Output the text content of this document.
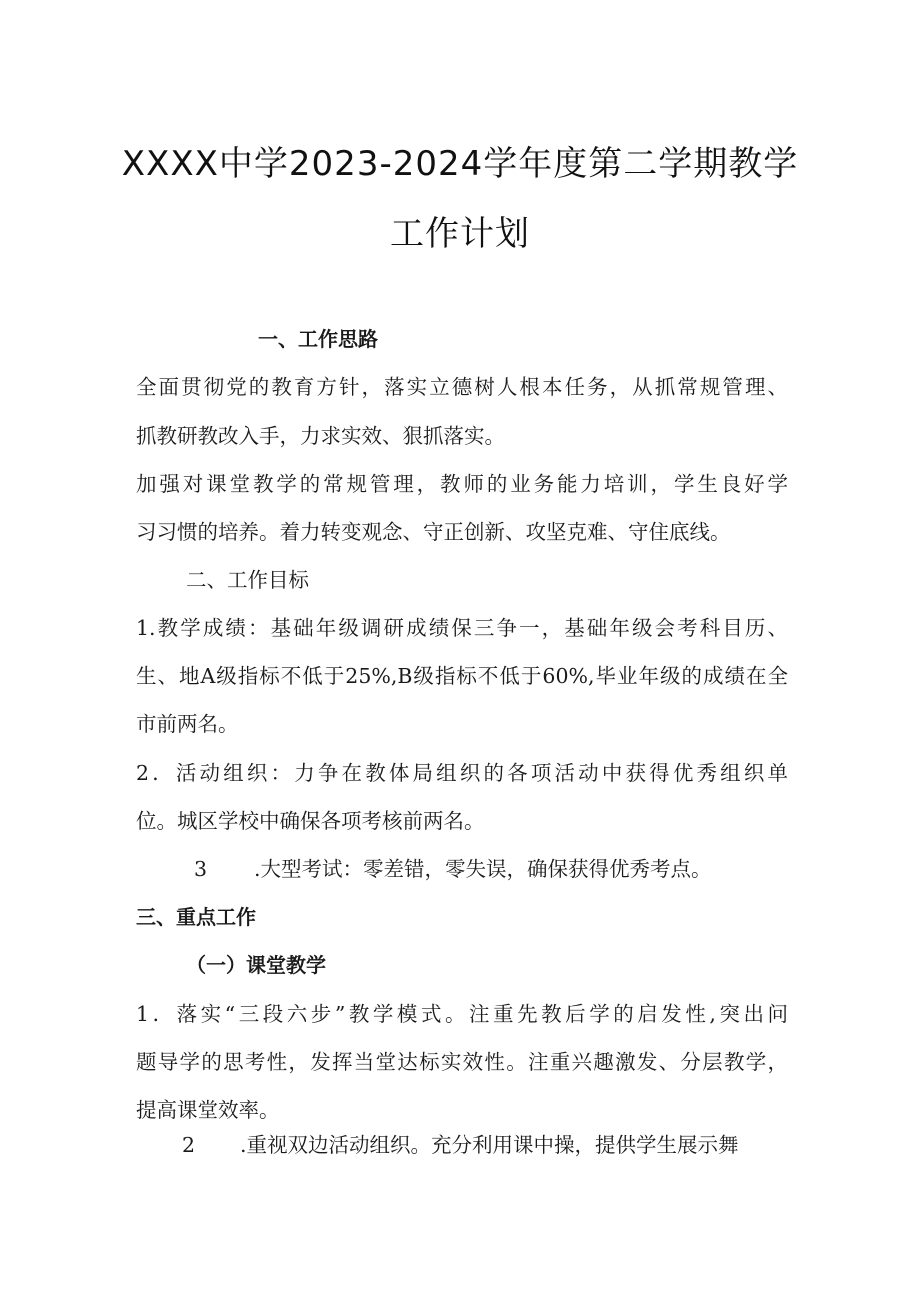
XXXX中学2023-2024学年度第二学期教学
工作计划

一、工作思路

全面贯彻党的教育方针，落实立德树人根本任务，从抓常规管理、

抓教研教改入手，力求实效、狠抓落实。

加强对课堂教学的常规管理，教师的业务能力培训，学生良好学

习习惯的培养。着力转变观念、守正创新、攻坚克难、守住底线。

二、工作目标

1.教学成绩：基础年级调研成绩保三争一，基础年级会考科目历、

生、地A级指标不低于25%,B级指标不低于60%,毕业年级的成绩在全

市前两名。

2．活动组织：力争在教体局组织的各项活动中获得优秀组织单

位。城区学校中确保各项考核前两名。

3 .大型考试：零差错，零失误，确保获得优秀考点。

三、重点工作

（一）课堂教学

1．落实“三段六步”教学模式。注重先教后学的启发性,突出问

题导学的思考性，发挥当堂达标实效性。注重兴趣激发、分层教学，

提高课堂效率。

2 .重视双边活动组织。充分利用课中操，提供学生展示舞
